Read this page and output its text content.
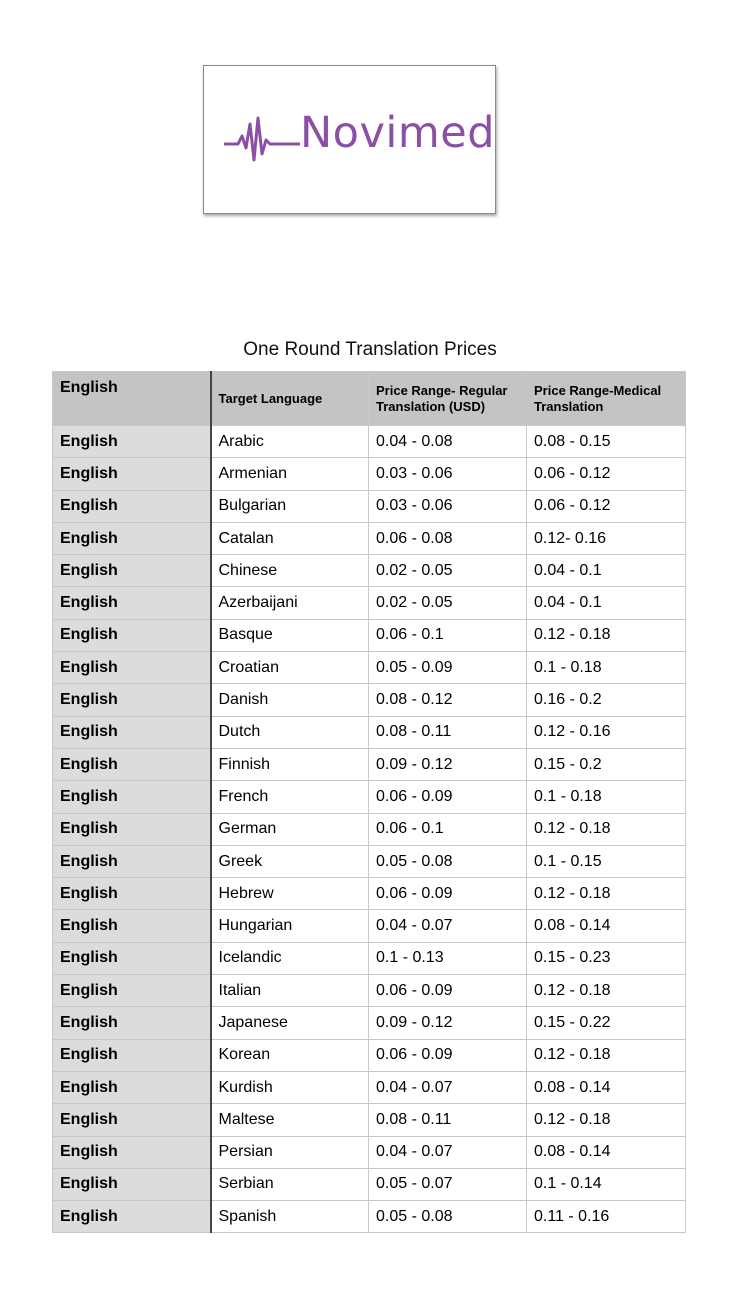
Novimed
One Round Translation Prices
English	Target Language	Price Range- Regular Translation (USD)	Price Range-Medical Translation
English	Arabic	0.04 - 0.08	0.08 - 0.15
English	Armenian	0.03 - 0.06	0.06 - 0.12
English	Bulgarian	0.03 - 0.06	0.06 - 0.12
English	Catalan	0.06 - 0.08	0.12- 0.16
English	Chinese	0.02 - 0.05	0.04 - 0.1
English	Azerbaijani	0.02 - 0.05	0.04 - 0.1
English	Basque	0.06 - 0.1	0.12 - 0.18
English	Croatian	0.05 - 0.09	0.1 - 0.18
English	Danish	0.08 - 0.12	0.16 - 0.2
English	Dutch	0.08 - 0.11	0.12 - 0.16
English	Finnish	0.09 - 0.12	0.15 - 0.2
English	French	0.06 - 0.09	0.1 - 0.18
English	German	0.06 - 0.1	0.12 - 0.18
English	Greek	0.05 - 0.08	0.1 - 0.15
English	Hebrew	0.06 - 0.09	0.12 - 0.18
English	Hungarian	0.04 - 0.07	0.08 - 0.14
English	Icelandic	0.1 - 0.13	0.15 - 0.23
English	Italian	0.06 - 0.09	0.12 - 0.18
English	Japanese	0.09 - 0.12	0.15 - 0.22
English	Korean	0.06 - 0.09	0.12 - 0.18
English	Kurdish	0.04 - 0.07	0.08 - 0.14
English	Maltese	0.08 - 0.11	0.12 - 0.18
English	Persian	0.04 - 0.07	0.08 - 0.14
English	Serbian	0.05 - 0.07	0.1 - 0.14
English	Spanish	0.05 - 0.08	0.11 - 0.16
